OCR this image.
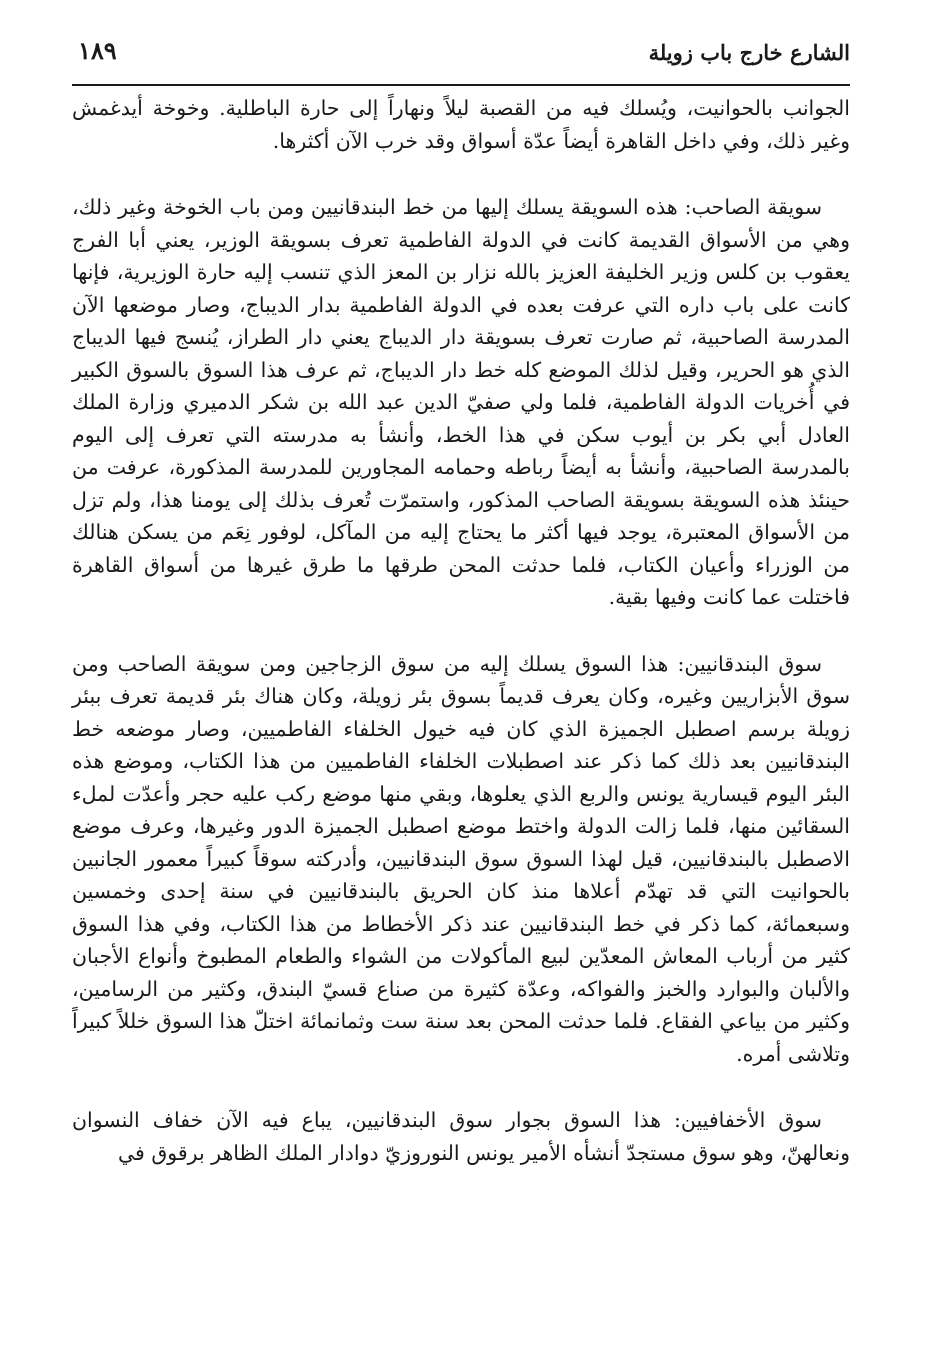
الشارع خارج باب زويلة
١٨٩

الجوانب بالحوانيت، ويُسلك فيه من القصبة ليلاً ونهاراً إلى حارة الباطلية. وخوخة أيدغمش وغير ذلك، وفي داخل القاهرة أيضاً عدّة أسواق وقد خرب الآن أكثرها.

سويقة الصاحب: هذه السويقة يسلك إليها من خط البندقانيين ومن باب الخوخة وغير ذلك، وهي من الأسواق القديمة كانت في الدولة الفاطمية تعرف بسويقة الوزير، يعني أبا الفرج يعقوب بن كلس وزير الخليفة العزيز بالله نزار بن المعز الذي تنسب إليه حارة الوزيرية، فإنها كانت على باب داره التي عرفت بعده في الدولة الفاطمية بدار الديباج، وصار موضعها الآن المدرسة الصاحبية، ثم صارت تعرف بسويقة دار الديباج يعني دار الطراز، يُنسج فيها الديباج الذي هو الحرير، وقيل لذلك الموضع كله خط دار الديباج، ثم عرف هذا السوق بالسوق الكبير في أُخريات الدولة الفاطمية، فلما ولي صفيّ الدين عبد الله بن شكر الدميري وزارة الملك العادل أبي بكر بن أيوب سكن في هذا الخط، وأنشأ به مدرسته التي تعرف إلى اليوم بالمدرسة الصاحبية، وأنشأ به أيضاً رباطه وحمامه المجاورين للمدرسة المذكورة، عرفت من حينئذ هذه السويقة بسويقة الصاحب المذكور، واستمرّت تُعرف بذلك إلى يومنا هذا، ولم تزل من الأسواق المعتبرة، يوجد فيها أكثر ما يحتاج إليه من المآكل، لوفور نِعَم من يسكن هنالك من الوزراء وأعيان الكتاب، فلما حدثت المحن طرقها ما طرق غيرها من أسواق القاهرة فاختلت عما كانت وفيها بقية.

سوق البندقانيين: هذا السوق يسلك إليه من سوق الزجاجين ومن سويقة الصاحب ومن سوق الأبزاريين وغيره، وكان يعرف قديماً بسوق بئر زويلة، وكان هناك بئر قديمة تعرف ببئر زويلة برسم اصطبل الجميزة الذي كان فيه خيول الخلفاء الفاطميين، وصار موضعه خط البندقانيين بعد ذلك كما ذكر عند اصطبلات الخلفاء الفاطميين من هذا الكتاب، وموضع هذه البئر اليوم قيسارية يونس والربع الذي يعلوها، وبقي منها موضع ركب عليه حجر وأعدّت لملء السقائين منها، فلما زالت الدولة واختط موضع اصطبل الجميزة الدور وغيرها، وعرف موضع الاصطبل بالبندقانيين، قيل لهذا السوق سوق البندقانيين، وأدركته سوقاً كبيراً معمور الجانبين بالحوانيت التي قد تهدّم أعلاها منذ كان الحريق بالبندقانيين في سنة إحدى وخمسين وسبعمائة، كما ذكر في خط البندقانيين عند ذكر الأخطاط من هذا الكتاب، وفي هذا السوق كثير من أرباب المعاش المعدّين لبيع المأكولات من الشواء والطعام المطبوخ وأنواع الأجبان والألبان والبوارد والخبز والفواكه، وعدّة كثيرة من صناع قسيّ البندق، وكثير من الرسامين، وكثير من بياعي الفقاع. فلما حدثت المحن بعد سنة ست وثمانمائة اختلّ هذا السوق خللاً كبيراً وتلاشى أمره.

سوق الأخفافيين: هذا السوق بجوار سوق البندقانيين، يباع فيه الآن خفاف النسوان ونعالهنّ، وهو سوق مستجدّ أنشأه الأمير يونس النوروزيّ دوادار الملك الظاهر برقوق في
